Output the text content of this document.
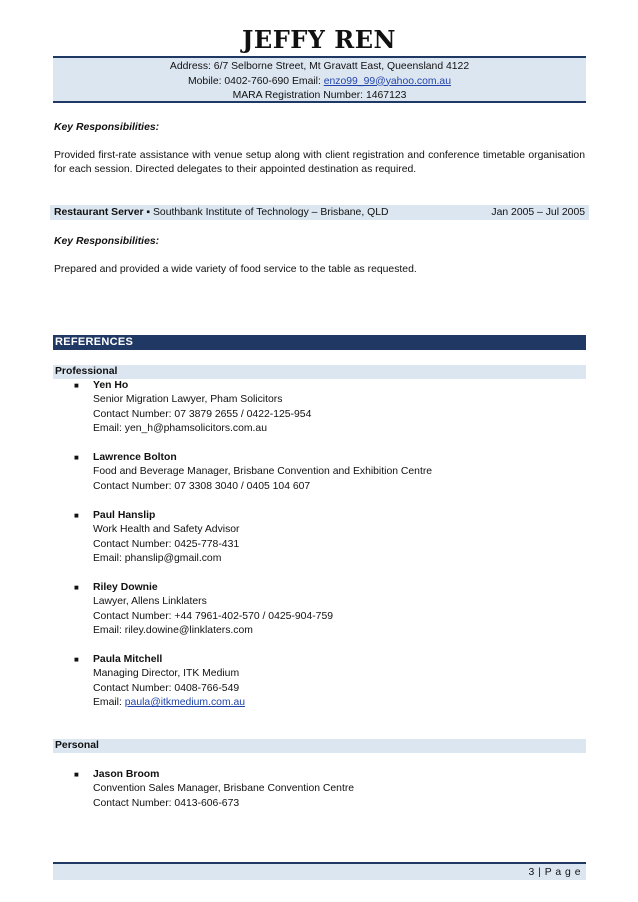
JEFFY REN
Address: 6/7 Selborne Street, Mt Gravatt East, Queensland 4122
Mobile: 0402-760-690 Email: enzo99_99@yahoo.com.au
MARA Registration Number: 1467123
Key Responsibilities:
Provided first-rate assistance with venue setup along with client registration and conference timetable organisation for each session. Directed delegates to their appointed destination as required.
Restaurant Server ▪ Southbank Institute of Technology – Brisbane, QLD	Jan 2005 – Jul 2005
Key Responsibilities:
Prepared and provided a wide variety of food service to the table as requested.
REFERENCES
Professional
■ Yen Ho
Senior Migration Lawyer, Pham Solicitors
Contact Number: 07 3879 2655 / 0422-125-954
Email: yen_h@phamsolicitors.com.au
■ Lawrence Bolton
Food and Beverage Manager, Brisbane Convention and Exhibition Centre
Contact Number: 07 3308 3040 / 0405 104 607
■ Paul Hanslip
Work Health and Safety Advisor
Contact Number: 0425-778-431
Email: phanslip@gmail.com
■ Riley Downie
Lawyer, Allens Linklaters
Contact Number: +44 7961-402-570 / 0425-904-759
Email: riley.dowine@linklaters.com
■ Paula Mitchell
Managing Director, ITK Medium
Contact Number: 0408-766-549
Email: paula@itkmedium.com.au
Personal
■ Jason Broom
Convention Sales Manager, Brisbane Convention Centre
Contact Number: 0413-606-673
3 | P a g e
